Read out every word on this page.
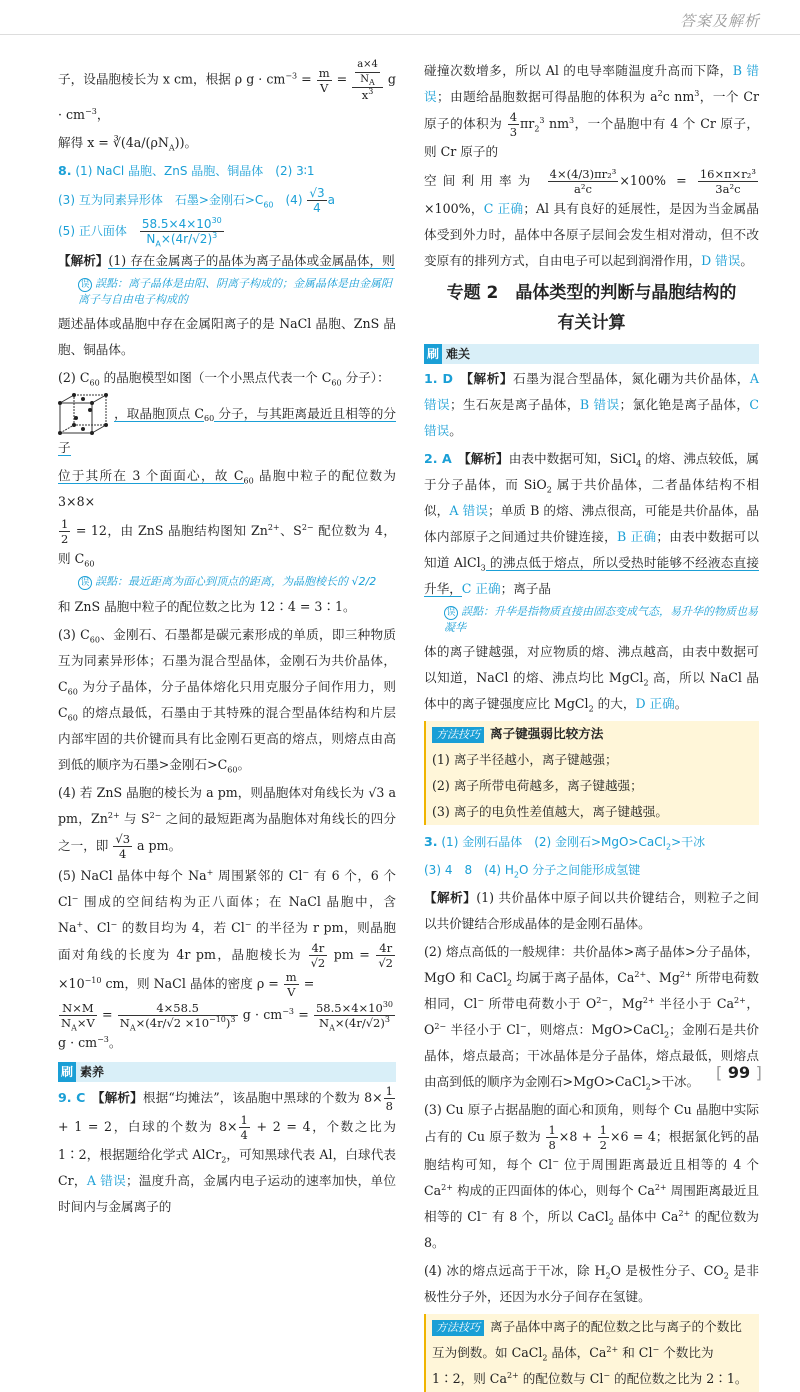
答案及解析

子，设晶胞棱长为 x cm，根据 ρ $g \cdot cm^{-3} = \frac{m}{V} = \frac{\frac{a\times 4}{N_A}}{x^3}$ $g \cdot cm^{-3}$，

解得 $x = ∛(4a/(\rho N_A))$。

8. (1) NaCl 晶胞、ZnS 晶胞、铜晶体　(2) 3∶1

(3) 互为同素异形体　石墨>金刚石$>C_{60}$　$(4) \frac{√3}{4}$ a

(5) 正八面体　 $\frac{58.5\times 4\times 10^{30}}{N_A\times(4r/√2)^3}$

【解析】(1) 存在金属离子的晶体为离子晶体或金属晶体，则

误 誤點：离子晶体是由阳、阴离子构成的；金属晶体是由金属阳离子与自由电子构成的

题述晶体或晶胞中存在金属阳离子的是 NaCl 晶胞、ZnS 晶胞、铜晶体。

(2) $C_{60}$ 的晶胞模型如图（一个小黑点代表一个 $C_{60}$ 分子）：

，取晶胞顶点 $C_{60}$ 分子，与其距离最近且相等的分子

位于其所在 3 个面面心，故 $C_{60}$ 晶胞中粒子的配位数为 3×8×

$\frac{1}{2} = 12$，由 ZnS 晶胞结构图知 $Zn^{2+}$、$S^{2-}$ 配位数为 4，则 $C_{60}$

误 誤點：最近距离为面心到顶点的距离，为晶胞棱长的 √2/2

和 ZnS 晶胞中粒子的配位数之比为 12∶4 = 3∶1。

(3) $C_{60}$、金刚石、石墨都是碳元素形成的单质，即三种物质互为同素异形体；石墨为混合型晶体，金刚石为共价晶体，$C_{60}$ 为分子晶体，分子晶体熔化只用克服分子间作用力，则 $C_{60}$ 的熔点最低，石墨由于其特殊的混合型晶体结构和片层内部牢固的共价键而具有比金刚石更高的熔点，则熔点由高到低的顺序为石墨>金刚石$>C_{60}$。

(4) 若 ZnS 晶胞的棱长为 a pm，则晶胞体对角线长为 √3 a pm，$Zn^{2+}$ 与 $S^{2-}$ 之间的最短距离为晶胞体对角线长的四分之一，即 $\frac{√3}{4}$ a pm。

(5) NaCl 晶体中每个 Na+ 周围紧邻的 Cl− 有 6 个，6 个 Cl− 围成的空间结构为正八面体；在 NaCl 晶胞中，含 Na+、Cl− 的数目均为 4，若 Cl− 的半径为 r pm，则晶胞面对角线的长度为 4r pm，晶胞棱长为 $\frac{4r}{√2}$ pm = $\frac{4r}{√2}$
$\times 10^{-10}$ cm，则 NaCl 晶体的密度 $\rho = \frac{m}{V}$ =

$\frac{N\times M}{N_A\times V} = \frac{4\times 58.5}{N_A\times(4r/√2 \times 10^{-10})^3}$ $g \cdot cm^{-3} = \frac{58.5\times 4\times 10^{30}}{N_A\times(4r/√2)^3}$
$g \cdot cm^{-3}$。

刷 素养

9. C　 【解析】根据“均摊法”，该晶胞中黑球的个数为 $8\times \frac{1}{8}$
+ 1 = 2，白球的个数为 $8\times \frac{1}{4} + 2 = 4$，个数之比为 1∶2，根据题给化学式 AlCr$_2$，可知黑球代表 Al，白球代表 Cr，A 错误；温度升高，金属内电子运动的速率加快，单位时间内与金属离子的

碰撞次数增多，所以 Al 的电导率随温度升高而下降，B 错误；由题给晶胞数据可得晶胞的体积为 $a^2c$ $nm^3$，一个 Cr 原子的体积为 $\frac{4}{3} \pi r_2^3$ $nm^3$，一个晶胞中有 4 个 Cr 原子，则 Cr 原子的

空间利用率为 $\frac{\text{4×(4/3)πr₂³}}{\text{a²c}} \times 100\% = \frac{\text{16×π×r₂³}}{\text{3a²c}}$
×100%，C 正确；Al 具有良好的延展性，是因为当金属晶体受到外力时，晶体中各原子层间会发生相对滑动，但不改变原有的排列方式，自由电子可以起到润滑作用，D 错误。

专题 2　晶体类型的判断与晶胞结构的
有关计算
刷 难关

1. D　 【解析】石墨为混合型晶体，氮化硼为共价晶体，A 错误；生石灰是离子晶体，B 错误；氯化铯是离子晶体，C 错误。

2. A　 【解析】由表中数据可知，SiCl$_4$ 的熔、沸点较低，属于分子晶体，而 SiO$_2$ 属于共价晶体，二者晶体结构不相似，A 错误；单质 B 的熔、沸点很高，可能是共价晶体，晶体内部原子之间通过共价键连接，B 正确；由表中数据可以知道 AlCl$_3$ 的沸点低于熔点，所以受热时能够不经液态直接升华，C 正确；离子晶

误 誤點：升华是指物质直接由固态变成气态，易升华的物质也易凝华

体的离子键越强，对应物质的熔、沸点越高，由表中数据可以知道，NaCl 的熔、沸点均比 MgCl$_2$ 高，所以 NaCl 晶体中的离子键强度应比 MgCl$_2$ 的大，D 正确。

方法技巧 离子键强弱比较方法
(1) 离子半径越小，离子键越强；
(2) 离子所带电荷越多，离子键越强；
(3) 离子的电负性差值越大，离子键越强。

3. (1) 金刚石晶体　(2) 金刚石>MgO>CaCl$_2$>干冰

(3) 4　8　(4) $H_2O$ 分子之间能形成氢键

【解析】(1) 共价晶体中原子间以共价键结合，则粒子之间以共价键结合形成晶体的是金刚石晶体。

(2) 熔点高低的一般规律：共价晶体>离子晶体>分子晶体，MgO 和 CaCl$_2$ 均属于离子晶体，$Ca^{2+}$、$Mg^{2+}$ 所带电荷数相同，Cl− 所带电荷数小于 $O^{2-}$，$Mg^{2+}$ 半径小于 $Ca^{2+}$，$O^{2-}$ 半径小于 Cl−，则熔点：MgO>CaCl$_2$；金刚石是共价晶体，熔点最高；干冰晶体是分子晶体，熔点最低，则熔点由高到低的顺序为金刚石>MgO>CaCl$_2$>干冰。

(3) Cu 原子占据晶胞的面心和顶角，则每个 Cu 晶胞中实际占有的 Cu 原子数为 $\frac{1}{8} \times 8 + \frac{1}{2} \times 6 = 4$；根据氯化钙的晶胞结构可知，每个 Cl− 位于周围距离最近且相等的 4 个 $Ca^{2+}$ 构成的正四面体的体心，则每个 $Ca^{2+}$ 周围距离最近且相等的 Cl− 有 8 个，所以 CaCl$_2$ 晶体中 $Ca^{2+}$ 的配位数为 8。

(4) 冰的熔点远高于干冰，除 $H_2O$ 是极性分子、$CO_2$ 是非极性分子外，还因为水分子间存在氢键。

方法技巧 离子晶体中离子的配位数之比与离子的个数比互为倒数。如 CaCl$_2$ 晶体，$Ca^{2+}$ 和 Cl− 个数比为 1∶2，则 $Ca^{2+}$ 的配位数与 Cl− 的配位数之比为 2∶1。
[ 99 ]
